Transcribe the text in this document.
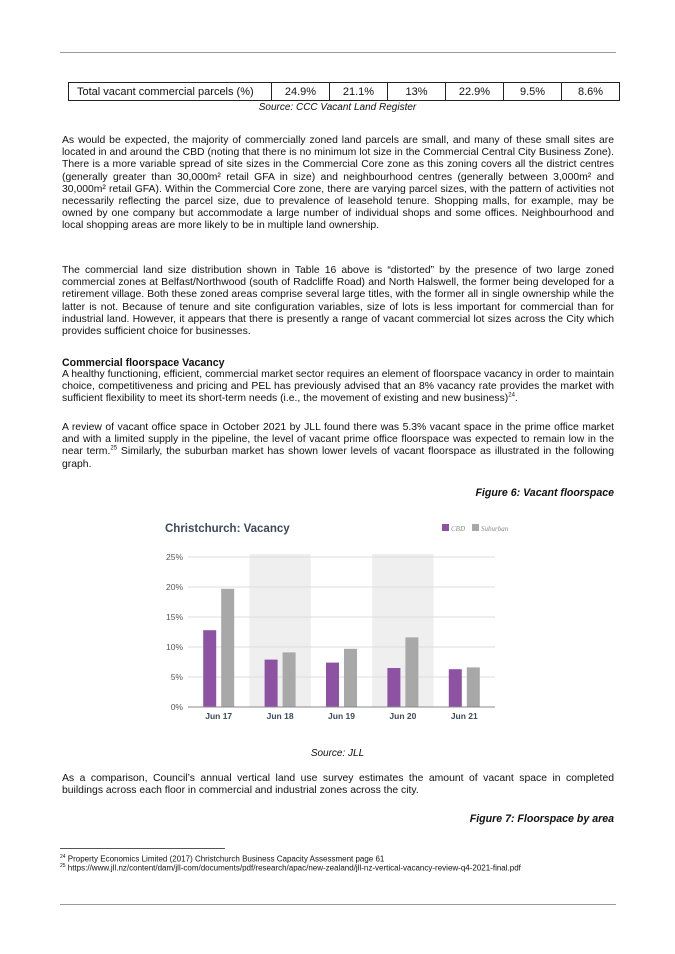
Total vacant commercial parcels (%)	24.9%	21.1%	13%	22.9%	9.5%	8.6%
Source: CCC Vacant Land Register

As would be expected, the majority of commercially zoned land parcels are small, and many of these small sites are located in and around the CBD (noting that there is no minimum lot size in the Commercial Central City Business Zone). There is a more variable spread of site sizes in the Commercial Core zone as this zoning covers all the district centres (generally greater than 30,000m² retail GFA in size) and neighbourhood centres (generally between 3,000m² and 30,000m² retail GFA). Within the Commercial Core zone, there are varying parcel sizes, with the pattern of activities not necessarily reflecting the parcel size, due to prevalence of leasehold tenure. Shopping malls, for example, may be owned by one company but accommodate a large number of individual shops and some offices. Neighbourhood and local shopping areas are more likely to be in multiple land ownership.

The commercial land size distribution shown in Table 16 above is “distorted” by the presence of two large zoned commercial zones at Belfast/Northwood (south of Radcliffe Road) and North Halswell, the former being developed for a retirement village. Both these zoned areas comprise several large titles, with the former all in single ownership while the latter is not. Because of tenure and site configuration variables, size of lots is less important for commercial than for industrial land. However, it appears that there is presently a range of vacant commercial lot sizes across the City which provides sufficient choice for businesses.

Commercial floorspace Vacancy

A healthy functioning, efficient, commercial market sector requires an element of floorspace vacancy in order to maintain choice, competitiveness and pricing and PEL has previously advised that an 8% vacancy rate provides the market with sufficient flexibility to meet its short-term needs (i.e., the movement of existing and new business)$^{24}$.

A review of vacant office space in October 2021 by JLL found there was 5.3% vacant space in the prime office market and with a limited supply in the pipeline, the level of vacant prime office floorspace was expected to remain low in the near term.$^{25}$ Similarly, the suburban market has shown lower levels of vacant floorspace as illustrated in the following graph.

Figure 6: Vacant floorspace
0%
5%
10%
15%
20%
25%
Jun 17	Jun 18	Jun 19	Jun 20	Jun 21
Christchurch: Vacancy	CBD Suburban
Source: JLL

As a comparison, Council’s annual vertical land use survey estimates the amount of vacant space in completed buildings across each floor in commercial and industrial zones across the city.

Figure 7: Floorspace by area
$^{24}$ Property Economics Limited (2017) Christchurch Business Capacity Assessment page 61
$^{25}$ https://www.jll.nz/content/dam/jll-com/documents/pdf/research/apac/new-zealand/jll-nz-vertical-vacancy-review-q4-2021-final.pdf
